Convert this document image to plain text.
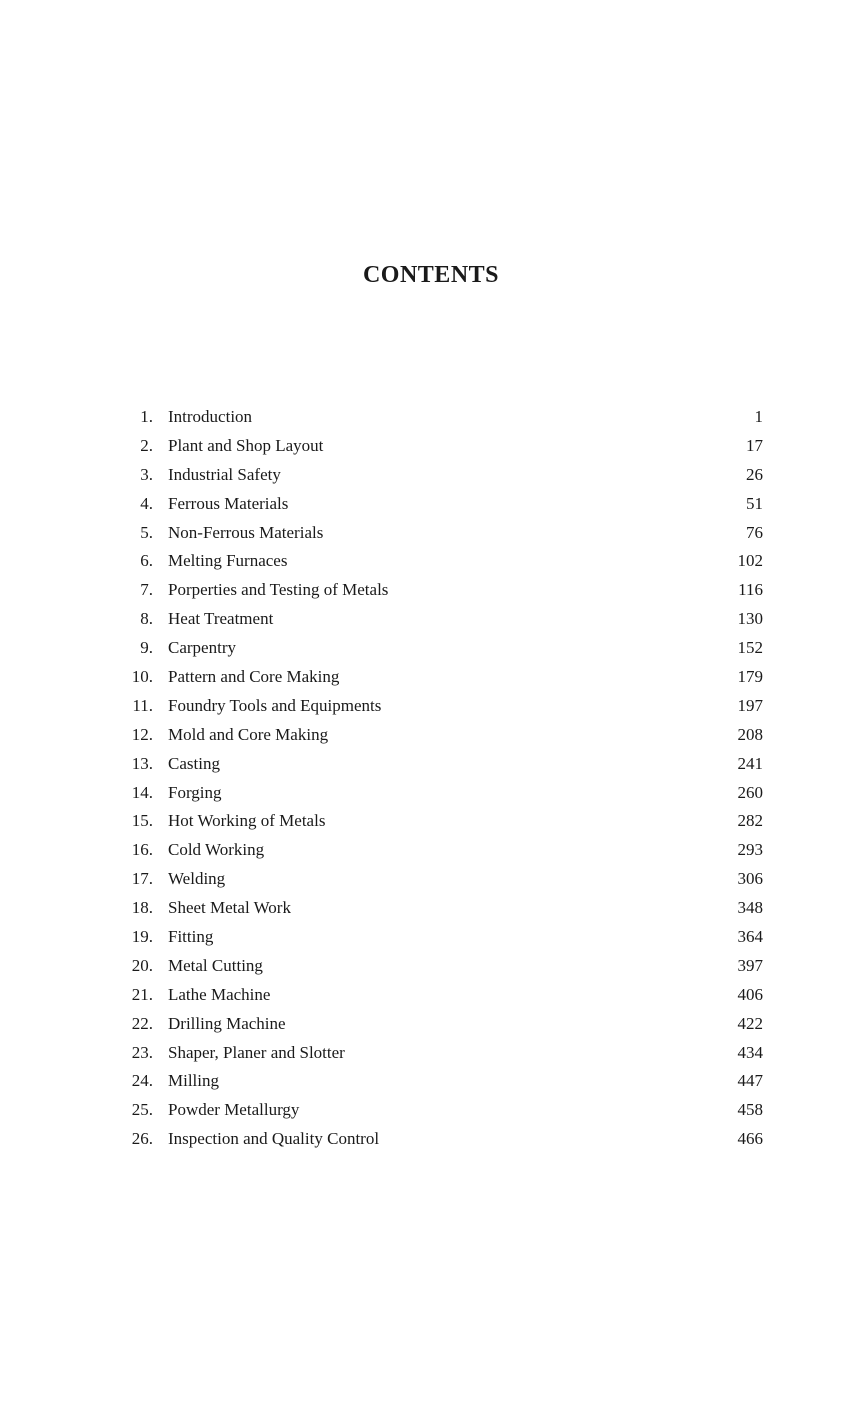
CONTENTS
1. Introduction	1
2. Plant and Shop Layout	17
3. Industrial Safety	26
4. Ferrous Materials	51
5. Non-Ferrous Materials	76
6. Melting Furnaces	102
7. Porperties and Testing of Metals	116
8. Heat Treatment	130
9. Carpentry	152
10. Pattern and Core Making	179
11. Foundry Tools and Equipments	197
12. Mold and Core Making	208
13. Casting	241
14. Forging	260
15. Hot Working of Metals	282
16. Cold Working	293
17. Welding	306
18. Sheet Metal Work	348
19. Fitting	364
20. Metal Cutting	397
21. Lathe Machine	406
22. Drilling Machine	422
23. Shaper, Planer and Slotter	434
24. Milling	447
25. Powder Metallurgy	458
26. Inspection and Quality Control	466
